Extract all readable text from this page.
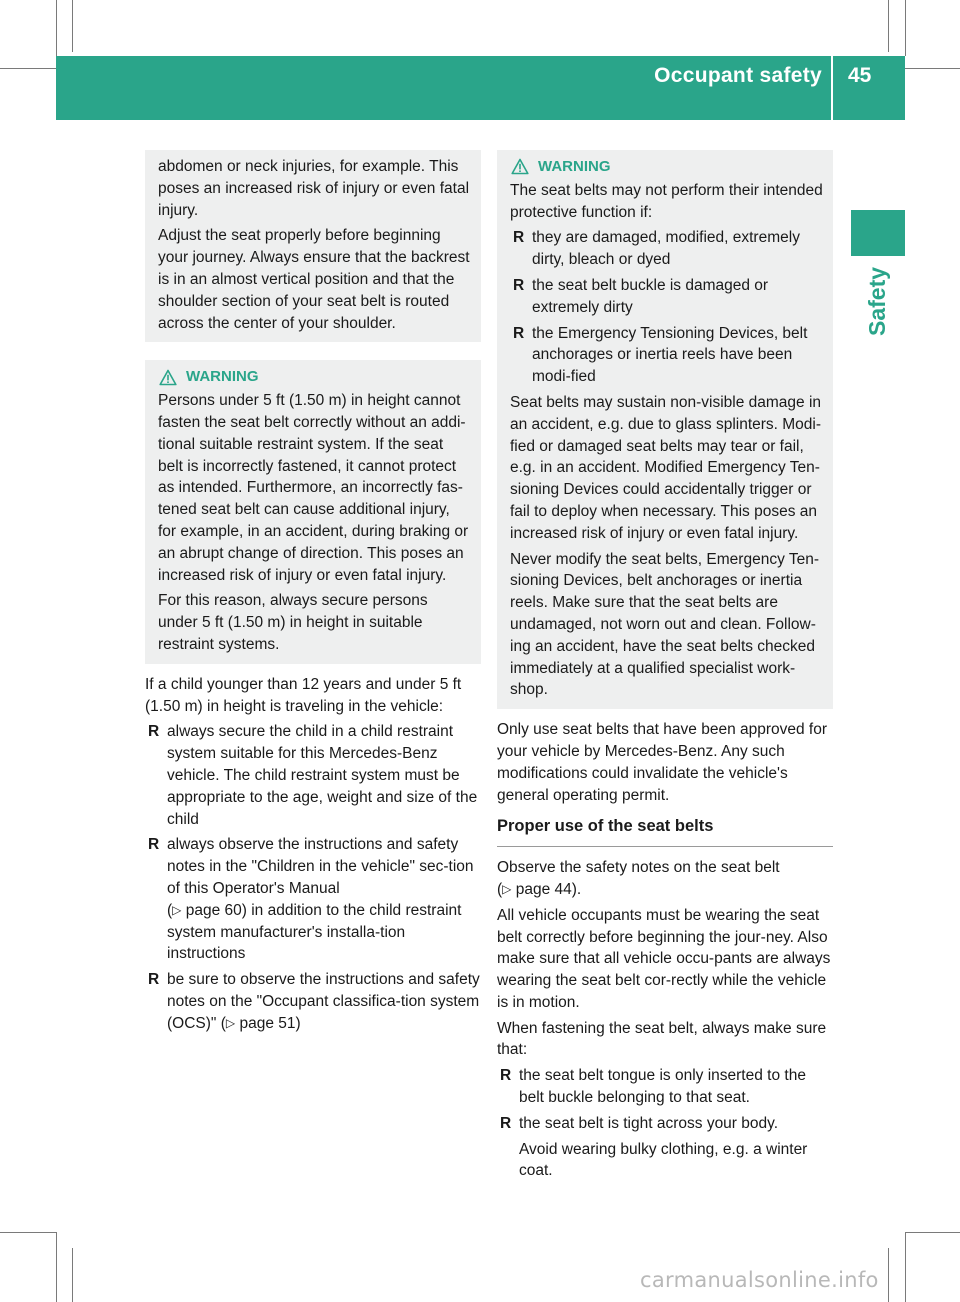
Occupant safety 45
Safety

abdomen or neck injuries, for example. This poses an increased risk of injury or even fatal injury.

Adjust the seat properly before beginning your journey. Always ensure that the backrest is in an almost vertical position and that the shoulder section of your seat belt is routed across the center of your shoulder.

WARNING

Persons under 5 ft (1.50 m) in height cannot fasten the seat belt correctly without an addi-tional suitable restraint system. If the seat belt is incorrectly fastened, it cannot protect as intended. Furthermore, an incorrectly fas-tened seat belt can cause additional injury, for example, in an accident, during braking or an abrupt change of direction. This poses an increased risk of injury or even fatal injury.

For this reason, always secure persons under 5 ft (1.50 m) in height in suitable restraint systems.

If a child younger than 12 years and under 5 ft (1.50 m) in height is traveling in the vehicle:

R always secure the child in a child restraint system suitable for this Mercedes-Benz vehicle. The child restraint system must be appropriate to the age, weight and size of the child
R always observe the instructions and safety notes in the "Children in the vehicle" sec-tion of this Operator's Manual
(▷ page 60) in addition to the child restraint system manufacturer's installa-tion instructions
R be sure to observe the instructions and safety notes on the "Occupant classifica-tion system (OCS)" (▷ page 51)
WARNING

The seat belts may not perform their intended protective function if:

R they are damaged, modified, extremely dirty, bleach or dyed
R the seat belt buckle is damaged or extremely dirty
R the Emergency Tensioning Devices, belt anchorages or inertia reels have been modi-fied

Seat belts may sustain non-visible damage in an accident, e.g. due to glass splinters. Modi-fied or damaged seat belts may tear or fail, e.g. in an accident. Modified Emergency Ten-sioning Devices could accidentally trigger or fail to deploy when necessary. This poses an increased risk of injury or even fatal injury.

Never modify the seat belts, Emergency Ten-sioning Devices, belt anchorages or inertia reels. Make sure that the seat belts are undamaged, not worn out and clean. Follow-ing an accident, have the seat belts checked immediately at a qualified specialist work-shop.

Only use seat belts that have been approved for your vehicle by Mercedes-Benz. Any such modifications could invalidate the vehicle's general operating permit.

Proper use of the seat belts

Observe the safety notes on the seat belt
(▷ page 44).

All vehicle occupants must be wearing the seat belt correctly before beginning the jour-ney. Also make sure that all vehicle occu-pants are always wearing the seat belt cor-rectly while the vehicle is in motion.

When fastening the seat belt, always make sure that:

R the seat belt tongue is only inserted to the belt buckle belonging to that seat.
R the seat belt is tight across your body.
Avoid wearing bulky clothing, e.g. a winter coat.
carmanualsonline.info
